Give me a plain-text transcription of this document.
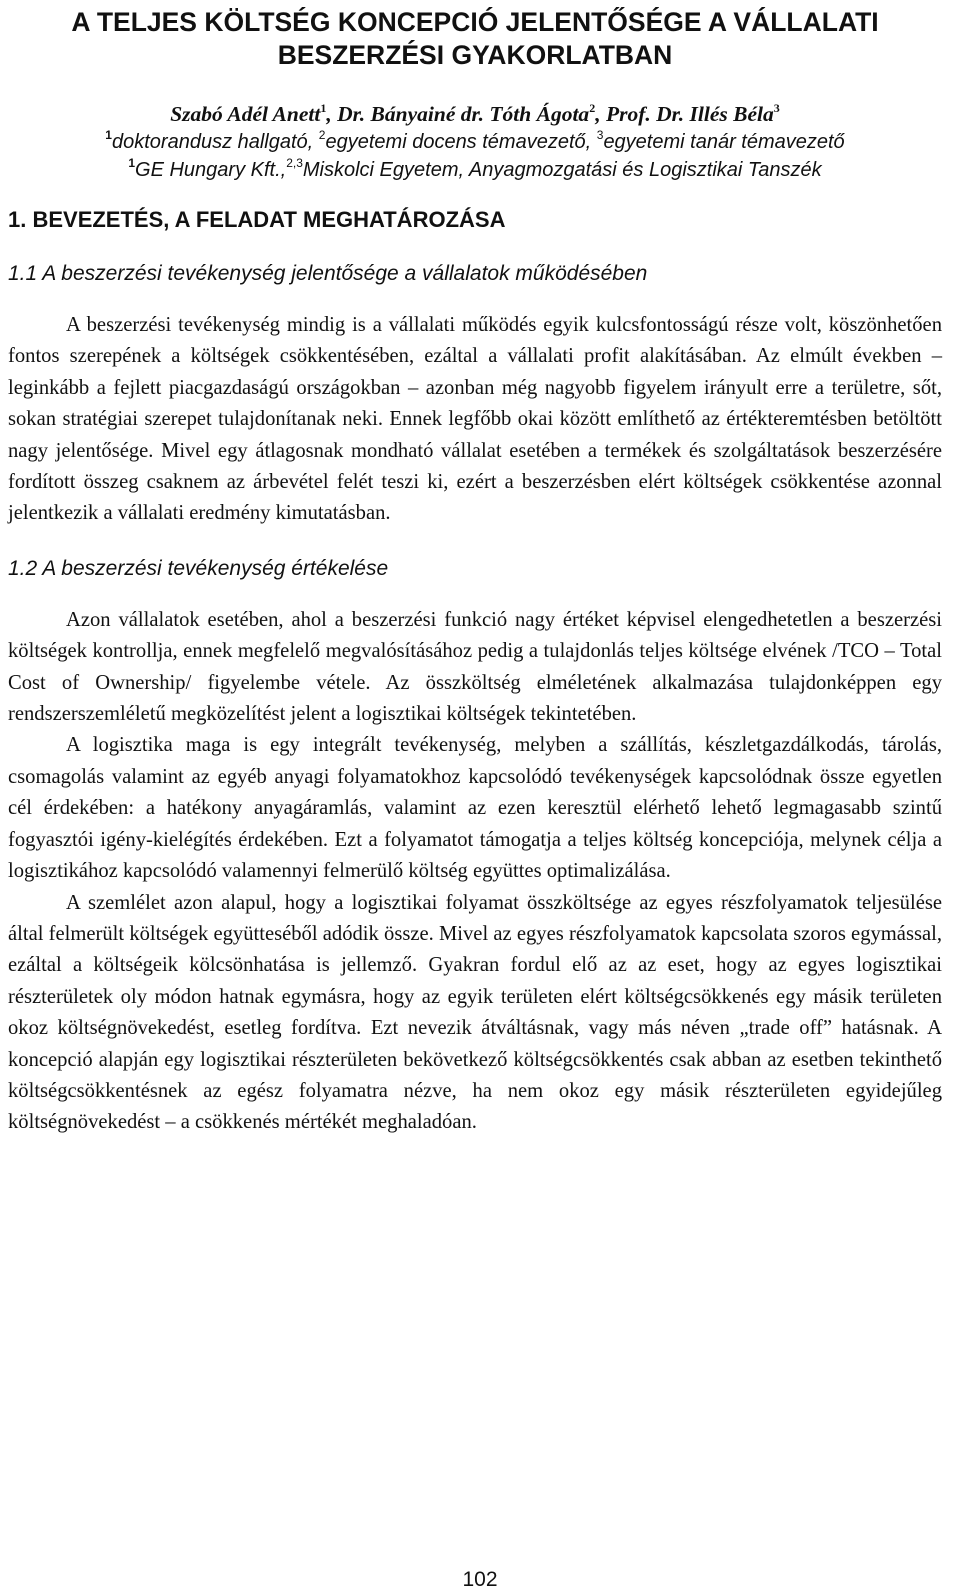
A TELJES KÖLTSÉG KONCEPCIÓ JELENTŐSÉGE A VÁLLALATI
BESZERZÉSI GYAKORLATBAN
Szabó Adél Anett$^1$, Dr. Bányainé dr. Tóth Ágota$^2$, Prof. Dr. Illés Béla$^3$
$^1$doktorandusz hallgató, $^2$egyetemi docens témavezető, $^3$egyetemi tanár témavezető
$^1$GE Hungary Kft.,$^{2,3}$Miskolci Egyetem, Anyagmozgatási és Logisztikai Tanszék
1. BEVEZETÉS, A FELADAT MEGHATÁROZÁSA
1.1 A beszerzési tevékenység jelentősége a vállalatok működésében

A beszerzési tevékenység mindig is a vállalati működés egyik kulcsfontosságú része volt, köszönhetően fontos szerepének a költségek csökkentésében, ezáltal a vállalati profit alakításában. Az elmúlt években – leginkább a fejlett piacgazdaságú országokban – azonban még nagyobb figyelem irányult erre a területre, sőt, sokan stratégiai szerepet tulajdonítanak neki. Ennek legfőbb okai között említhető az értékteremtésben betöltött nagy jelentősége. Mivel egy átlagosnak mondható vállalat esetében a termékek és szolgáltatások beszerzésére fordított összeg csaknem az árbevétel felét teszi ki, ezért a beszerzésben elért költségek csökkentése azonnal jelentkezik a vállalati eredmény kimutatásban.

1.2 A beszerzési tevékenység értékelése

Azon vállalatok esetében, ahol a beszerzési funkció nagy értéket képvisel elengedhetetlen a beszerzési költségek kontrollja, ennek megfelelő megvalósításához pedig a tulajdonlás teljes költsége elvének /TCO – Total Cost of Ownership/ figyelembe vétele. Az összköltség elméletének alkalmazása tulajdonképpen egy rendszerszemléletű megközelítést jelent a logisztikai költségek tekintetében.

A logisztika maga is egy integrált tevékenység, melyben a szállítás, készletgazdálkodás, tárolás, csomagolás valamint az egyéb anyagi folyamatokhoz kapcsolódó tevékenységek kapcsolódnak össze egyetlen cél érdekében: a hatékony anyagáramlás, valamint az ezen keresztül elérhető lehető legmagasabb szintű fogyasztói igény-kielégítés érdekében. Ezt a folyamatot támogatja a teljes költség koncepciója, melynek célja a logisztikához kapcsolódó valamennyi felmerülő költség együttes optimalizálása.

A szemlélet azon alapul, hogy a logisztikai folyamat összköltsége az egyes részfolyamatok teljesülése által felmerült költségek együtteséből adódik össze. Mivel az egyes részfolyamatok kapcsolata szoros egymással, ezáltal a költségeik kölcsönhatása is jellemző. Gyakran fordul elő az az eset, hogy az egyes logisztikai részterületek oly módon hatnak egymásra, hogy az egyik területen elért költségcsökkenés egy másik területen okoz költségnövekedést, esetleg fordítva. Ezt nevezik átváltásnak, vagy más néven „trade off” hatásnak. A koncepció alapján egy logisztikai részterületen bekövetkező költségcsökkentés csak abban az esetben tekinthető költségcsökkentésnek az egész folyamatra nézve, ha nem okoz egy másik részterületen egyidejűleg költségnövekedést – a csökkenés mértékét meghaladóan.

102
